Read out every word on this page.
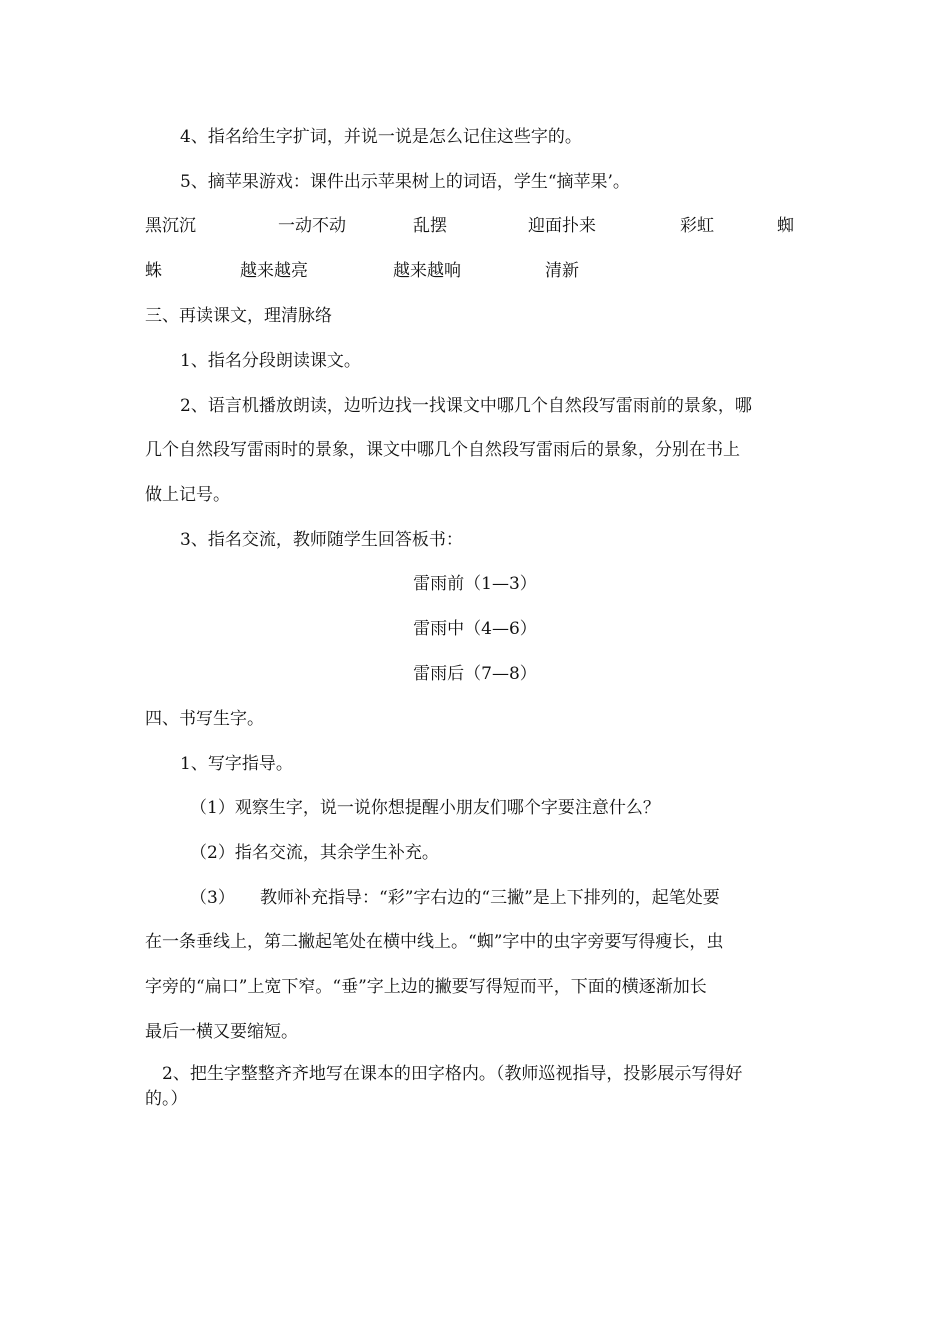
4、指名给生字扩词，并说一说是怎么记住这些字的。
5、摘苹果游戏：课件出示苹果树上的词语，学生“摘苹果’。
黑沉沉	一动不动	乱摆	迎面扑来	彩虹	蜘
蛛	越来越亮	越来越响	清新
三、再读课文，理清脉络
1、指名分段朗读课文。
2、语言机播放朗读，边听边找一找课文中哪几个自然段写雷雨前的景象，哪
几个自然段写雷雨时的景象，课文中哪几个自然段写雷雨后的景象，分别在书上
做上记号。
3、指名交流，教师随学生回答板书：
雷雨前（1—3）
雷雨中（4—6）
雷雨后（7—8）
四、书写生字。
1、写字指导。
（1）观察生字，说一说你想提醒小朋友们哪个字要注意什么？
（2）指名交流，其余学生补充。
（3）	教师补充指导：“彩”字右边的“三撇”是上下排列的，起笔处要
在一条垂线上，第二撇起笔处在横中线上。“蜘”字中的虫字旁要写得瘦长，虫
字旁的“扁口”上宽下窄。“垂”字上边的撇要写得短而平，下面的横逐渐加长
最后一横又要缩短。
2、把生字整整齐齐地写在课本的田字格内。（教师巡视指导，投影展示写得好
的。）
